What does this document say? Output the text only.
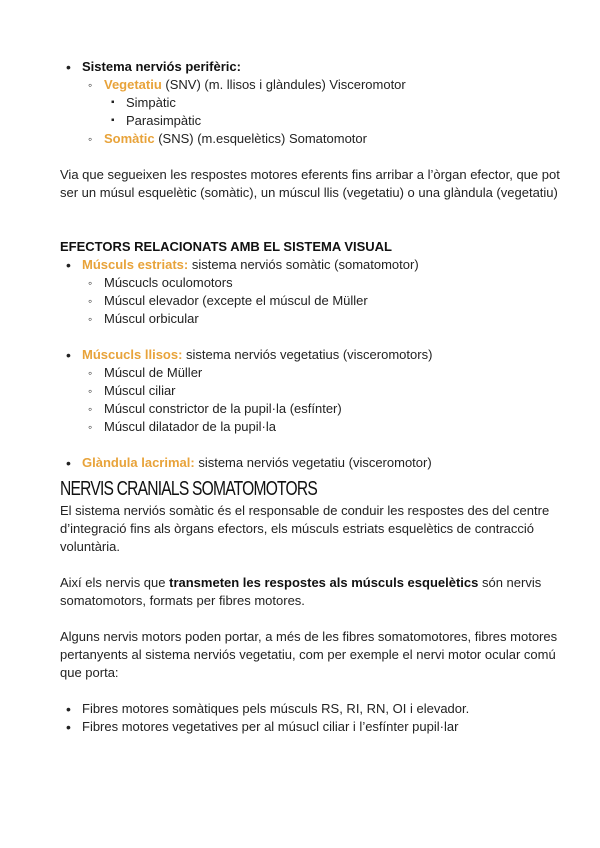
• Sistema nerviós perifèric:
◦ Vegetatiu (SNV) (m. llisos i glàndules) Visceromotor
▪ Simpàtic
▪ Parasimpàtic
◦ Somàtic (SNS) (m.esquelètics) Somatomotor

Via que segueixen les respostes motores eferents fins arribar a l’òrgan efector, que pot ser un músul esquelètic (somàtic), un múscul llis (vegetatiu) o una glàndula (vegetatiu)

EFECTORS RELACIONATS AMB EL SISTEMA VISUAL

• Músculs estriats: sistema nerviós somàtic (somatomotor)
◦ Múscucls oculomotors
◦ Múscul elevador (excepte el múscul de Müller
◦ Múscul orbicular
• Múscucls llisos: sistema nerviós vegetatius (visceromotors)
◦ Múscul de Müller
◦ Múscul ciliar
◦ Múscul constrictor de la pupil·la (esfínter)
◦ Múscul dilatador de la pupil·la
• Glàndula lacrimal: sistema nerviós vegetatiu (visceromotor)
NERVIS CRANIALS SOMATOMOTORS

El sistema nerviós somàtic és el responsable de conduir les respostes des del centre d’integració fins als òrgans efectors, els músculs estriats esquelètics de contracció voluntària.

Així els nervis que transmeten les respostes als músculs esquelètics són nervis somatomotors, formats per fibres motores.

Alguns nervis motors poden portar, a més de les fibres somatomotores, fibres motores pertanyents al sistema nerviós vegetatiu, com per exemple el nervi motor ocular comú que porta:

• Fibres motores somàtiques pels músculs RS, RI, RN, OI i elevador.
• Fibres motores vegetatives per al músucl ciliar i l’esfínter pupil·lar
